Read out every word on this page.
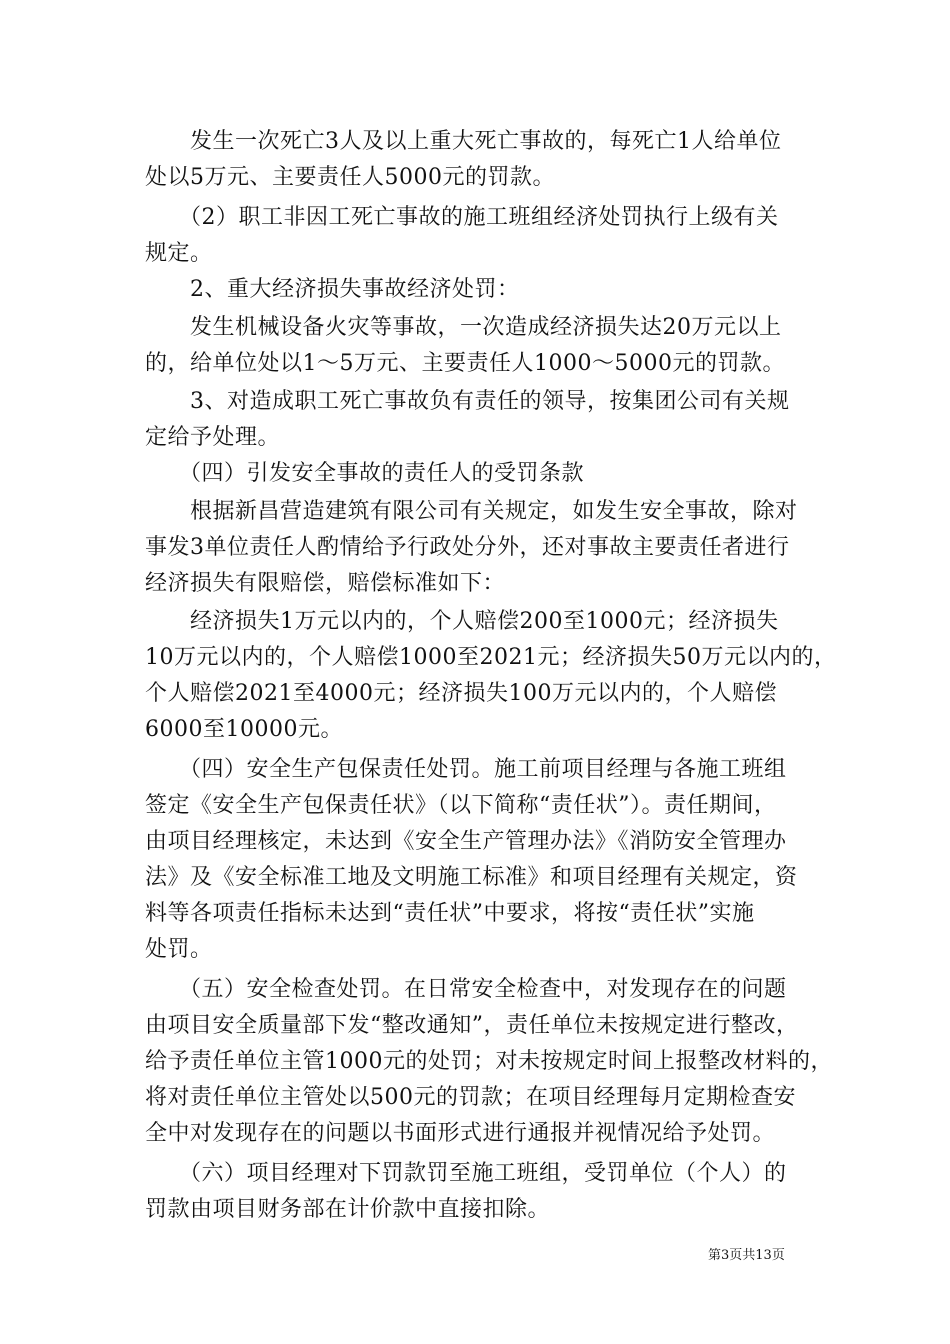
　　发生一次死亡3人及以上重大死亡事故的，每死亡1人给单位
处以5万元、主要责任人5000元的罚款。
　　（2）职工非因工死亡事故的施工班组经济处罚执行上级有关
规定。
　　2、重大经济损失事故经济处罚：
　　发生机械设备火灾等事故，一次造成经济损失达20万元以上
的，给单位处以1～5万元、主要责任人1000～5000元的罚款。
　　3、对造成职工死亡事故负有责任的领导，按集团公司有关规
定给予处理。
　　（四）引发安全事故的责任人的受罚条款
　　根据新昌营造建筑有限公司有关规定，如发生安全事故，除对
事发3单位责任人酌情给予行政处分外，还对事故主要责任者进行
经济损失有限赔偿，赔偿标准如下：
　　经济损失1万元以内的，个人赔偿200至1000元；经济损失
10万元以内的，个人赔偿1000至2021元；经济损失50万元以内的，
个人赔偿2021至4000元；经济损失100万元以内的，个人赔偿
6000至10000元。
　　（四）安全生产包保责任处罚。施工前项目经理与各施工班组
签定《安全生产包保责任状》（以下简称“责任状”）。责任期间，
由项目经理核定，未达到《安全生产管理办法》《消防安全管理办
法》及《安全标准工地及文明施工标准》和项目经理有关规定，资
料等各项责任指标未达到“责任状”中要求，将按“责任状”实施
处罚。
　　（五）安全检查处罚。在日常安全检查中，对发现存在的问题
由项目安全质量部下发“整改通知”，责任单位未按规定进行整改，
给予责任单位主管1000元的处罚；对未按规定时间上报整改材料的，
将对责任单位主管处以500元的罚款；在项目经理每月定期检查安
全中对发现存在的问题以书面形式进行通报并视情况给予处罚。
　　（六）项目经理对下罚款罚至施工班组，受罚单位（个人）的
罚款由项目财务部在计价款中直接扣除。
第3页共13页
